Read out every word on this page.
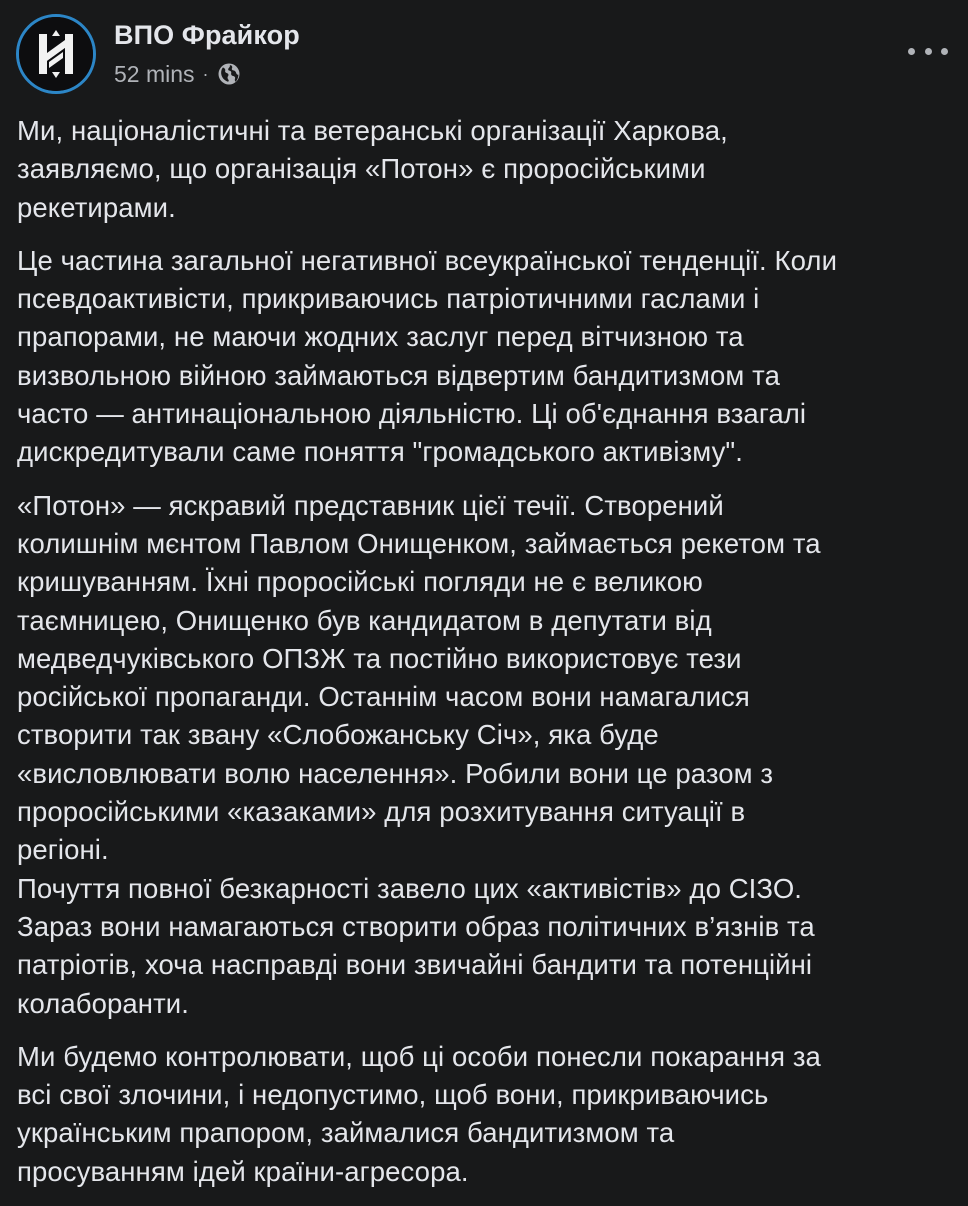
ВПО Фрайкор
52 mins ·

Ми, націоналістичні та ветеранські організації Харкова,
заявляємо, що організація «Потон» є проросійськими
рекетирами.

Це частина загальної негативної всеукраїнської тенденції. Коли
псевдоактивісти, прикриваючись патріотичними гаслами і
прапорами, не маючи жодних заслуг перед вітчизною та
визвольною війною займаються відвертим бандитизмом та
часто — антинаціональною діяльністю. Ці об'єднання взагалі
дискредитували саме поняття "громадського активізму".

«Потон» — яскравий представник цієї течії. Створений
колишнім мєнтом Павлом Онищенком, займається рекетом та
кришуванням. Їхні проросійські погляди не є великою
таємницею, Онищенко був кандидатом в депутати від
медведчуківського ОПЗЖ та постійно використовує тези
російської пропаганди. Останнім часом вони намагалися
створити так звану «Слобожанську Січ», яка буде
«висловлювати волю населення». Робили вони це разом з
проросійськими «казаками» для розхитування ситуації в
регіоні.
Почуття повної безкарності завело цих «активістів» до СІЗО.
Зараз вони намагаються створити образ політичних в’язнів та
патріотів, хоча насправді вони звичайні бандити та потенційні
колаборанти.

Ми будемо контролювати, щоб ці особи понесли покарання за
всі свої злочини, і недопустимо, щоб вони, прикриваючись
українським прапором, займалися бандитизмом та
просуванням ідей країни-агресора.
